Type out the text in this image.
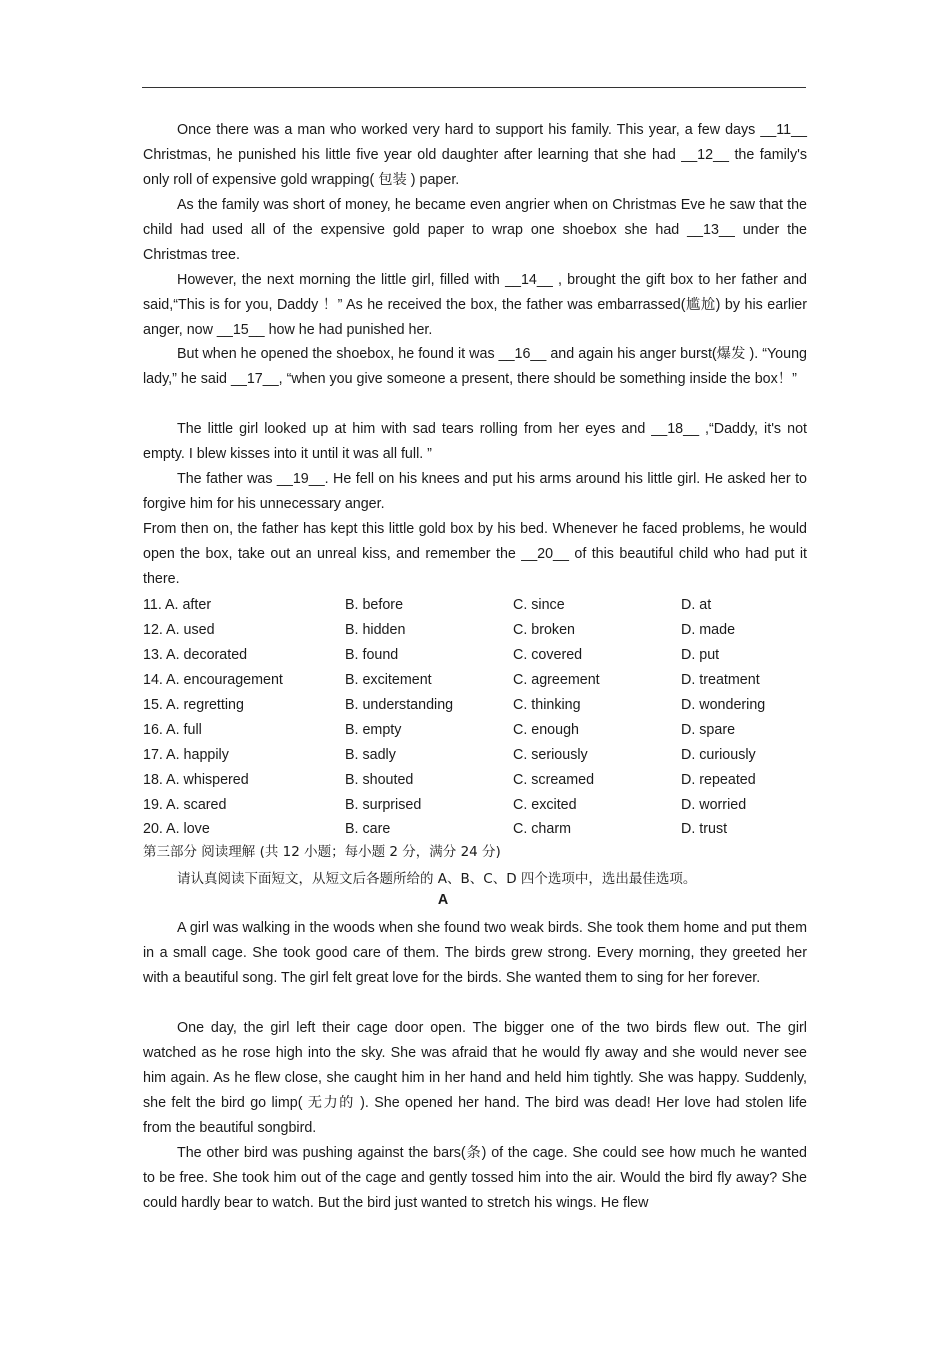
Once there was a man who worked very hard to support his family. This year, a few days __11__ Christmas, he punished his little five year old daughter after learning that she had __12__ the family's only roll of expensive gold wrapping( 包装 ) paper.

As the family was short of money, he became even angrier when on Christmas Eve he saw that the child had used all of the expensive gold paper to wrap one shoebox she had __13__ under the Christmas tree.

However, the next morning the little girl, filled with __14__ , brought the gift box to her father and said,“This is for you, Daddy ！” As he received the box, the father was embarrassed(尴尬) by his earlier anger, now __15__ how he had punished her.

But when he opened the shoebox, he found it was __16__ and again his anger burst(爆发 ). “Young lady,” he said __17__, “when you give someone a present, there should be something inside the box！”

The little girl looked up at him with sad tears rolling from her eyes and __18__ ,“Daddy, it's not empty. I blew kisses into it until it was all full. ”

The father was __19__. He fell on his knees and put his arms around his little girl. He asked her to forgive him for his unnecessary anger.

From then on, the father has kept this little gold box by his bed. Whenever he faced problems, he would open the box, take out an unreal kiss, and remember the __20__ of this beautiful child who had put it there.

11. A. after	B. before	C. since	D. at
12. A. used	B. hidden	C. broken	D. made
13. A. decorated	B. found	C. covered	D. put
14. A. encouragement	B. excitement	C. agreement	D. treatment
15. A. regretting	B. understanding	C. thinking	D. wondering
16. A. full	B. empty	C. enough	D. spare
17. A. happily	B. sadly	C. seriously	D. curiously
18. A. whispered	B. shouted	C. screamed	D. repeated
19. A. scared	B. surprised	C. excited	D. worried
20. A. love	B. care	C. charm	D. trust

第三部分 阅读理解 (共 12 小题；每小题 2 分，满分 24 分)

请认真阅读下面短文，从短文后各题所给的 A、B、C、D 四个选项中，选出最佳选项。

A

A girl was walking in the woods when she found two weak birds. She took them home and put them in a small cage. She took good care of them. The birds grew strong. Every morning, they greeted her with a beautiful song. The girl felt great love for the birds. She wanted them to sing for her forever.

One day, the girl left their cage door open. The bigger one of the two birds flew out. The girl watched as he rose high into the sky. She was afraid that he would fly away and she would never see him again. As he flew close, she caught him in her hand and held him tightly. She was happy. Suddenly, she felt the bird go limp( 无力的 ). She opened her hand. The bird was dead! Her love had stolen life from the beautiful songbird.

The other bird was pushing against the bars(条) of the cage. She could see how much he wanted to be free. She took him out of the cage and gently tossed him into the air. Would the bird fly away? She could hardly bear to watch. But the bird just wanted to stretch his wings. He flew
